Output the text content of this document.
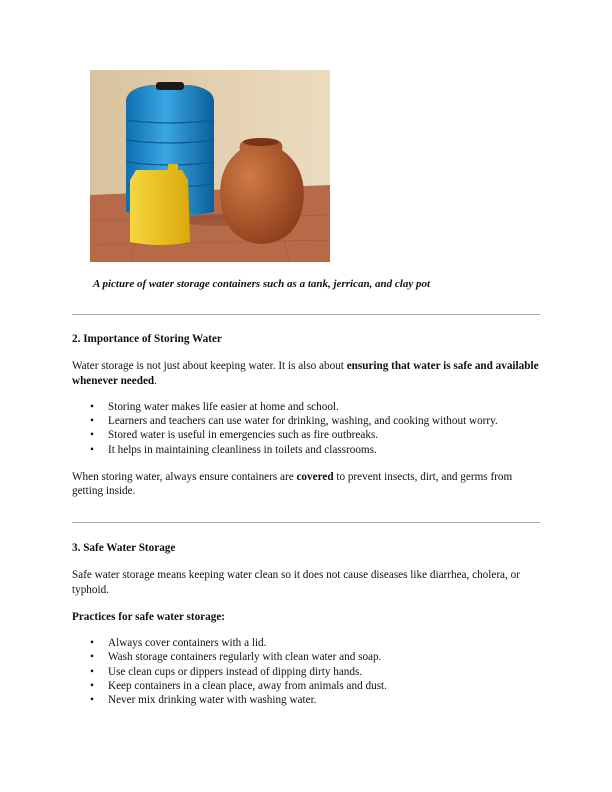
A picture of water storage containers such as a tank, jerrican, and clay pot
2. Importance of Storing Water

Water storage is not just about keeping water. It is also about ensuring that water is safe and available whenever needed.

• Storing water makes life easier at home and school.
• Learners and teachers can use water for drinking, washing, and cooking without worry.
• Stored water is useful in emergencies such as fire outbreaks.
• It helps in maintaining cleanliness in toilets and classrooms.

When storing water, always ensure containers are covered to prevent insects, dirt, and germs from getting inside.

3. Safe Water Storage

Safe water storage means keeping water clean so it does not cause diseases like diarrhea, cholera, or typhoid.

Practices for safe water storage:
• Always cover containers with a lid.
• Wash storage containers regularly with clean water and soap.
• Use clean cups or dippers instead of dipping dirty hands.
• Keep containers in a clean place, away from animals and dust.
• Never mix drinking water with washing water.
